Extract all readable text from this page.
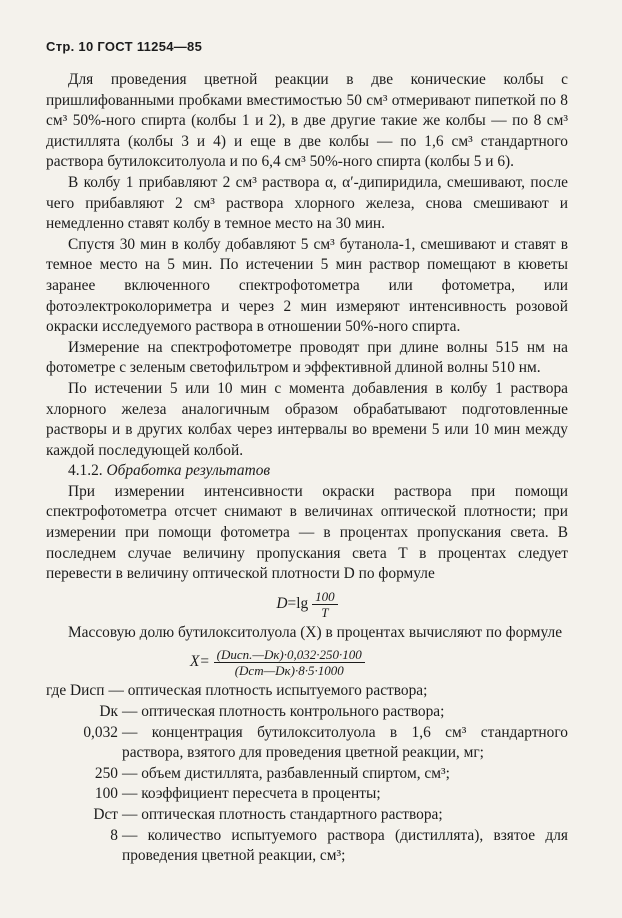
Стр. 10 ГОСТ 11254—85

Для проведения цветной реакции в две конические колбы с пришлифованными пробками вместимостью 50 см³ отмеривают пипеткой по 8 см³ 50%-ного спирта (колбы 1 и 2), в две другие такие же колбы — по 8 см³ дистиллята (колбы 3 и 4) и еще в две колбы — по 1,6 см³ стандартного раствора бутилокситолуола и по 6,4 см³ 50%-ного спирта (колбы 5 и 6).

В колбу 1 прибавляют 2 см³ раствора α, α′-дипиридила, смешивают, после чего прибавляют 2 см³ раствора хлорного железа, снова смешивают и немедленно ставят колбу в темное место на 30 мин.

Спустя 30 мин в колбу добавляют 5 см³ бутанола-1, смешивают и ставят в темное место на 5 мин. По истечении 5 мин раствор помещают в кюветы заранее включенного спектрофотометра или фотометра, или фотоэлектроколориметра и через 2 мин измеряют интенсивность розовой окраски исследуемого раствора в отношении 50%-ного спирта.

Измерение на спектрофотометре проводят при длине волны 515 нм на фотометре с зеленым светофильтром и эффективной длиной волны 510 нм.

По истечении 5 или 10 мин с момента добавления в колбу 1 раствора хлорного железа аналогичным образом обрабатывают подготовленные растворы и в других колбах через интервалы во времени 5 или 10 мин между каждой последующей колбой.

4.1.2. Обработка результатов

При измерении интенсивности окраски раствора при помощи спектрофотометра отсчет снимают в величинах оптической плотности; при измерении при помощи фотометра — в процентах пропускания света. В последнем случае величину пропускания света T в процентах следует перевести в величину оптической плотности D по формуле

$D=\lg \frac{100}{T}$

Массовую долю бутилокситолуола (X) в процентах вычисляют по формуле

$X= \frac{\text{(Dисп.—Dк)·0,032·250·100}}{\text{(Dст—Dк)·8·5·1000}}$
где Dисп — оптическая плотность испытуемого раствора;
Dк — оптическая плотность контрольного раствора;
0,032 — концентрация бутилокситолуола в 1,6 см³ стандартного раствора, взятого для проведения цветной реакции, мг;
250 — объем дистиллята, разбавленный спиртом, см³;
100 — коэффициент пересчета в проценты;
Dст — оптическая плотность стандартного раствора;
8 — количество испытуемого раствора (дистиллята), взятое для проведения цветной реакции, см³;
